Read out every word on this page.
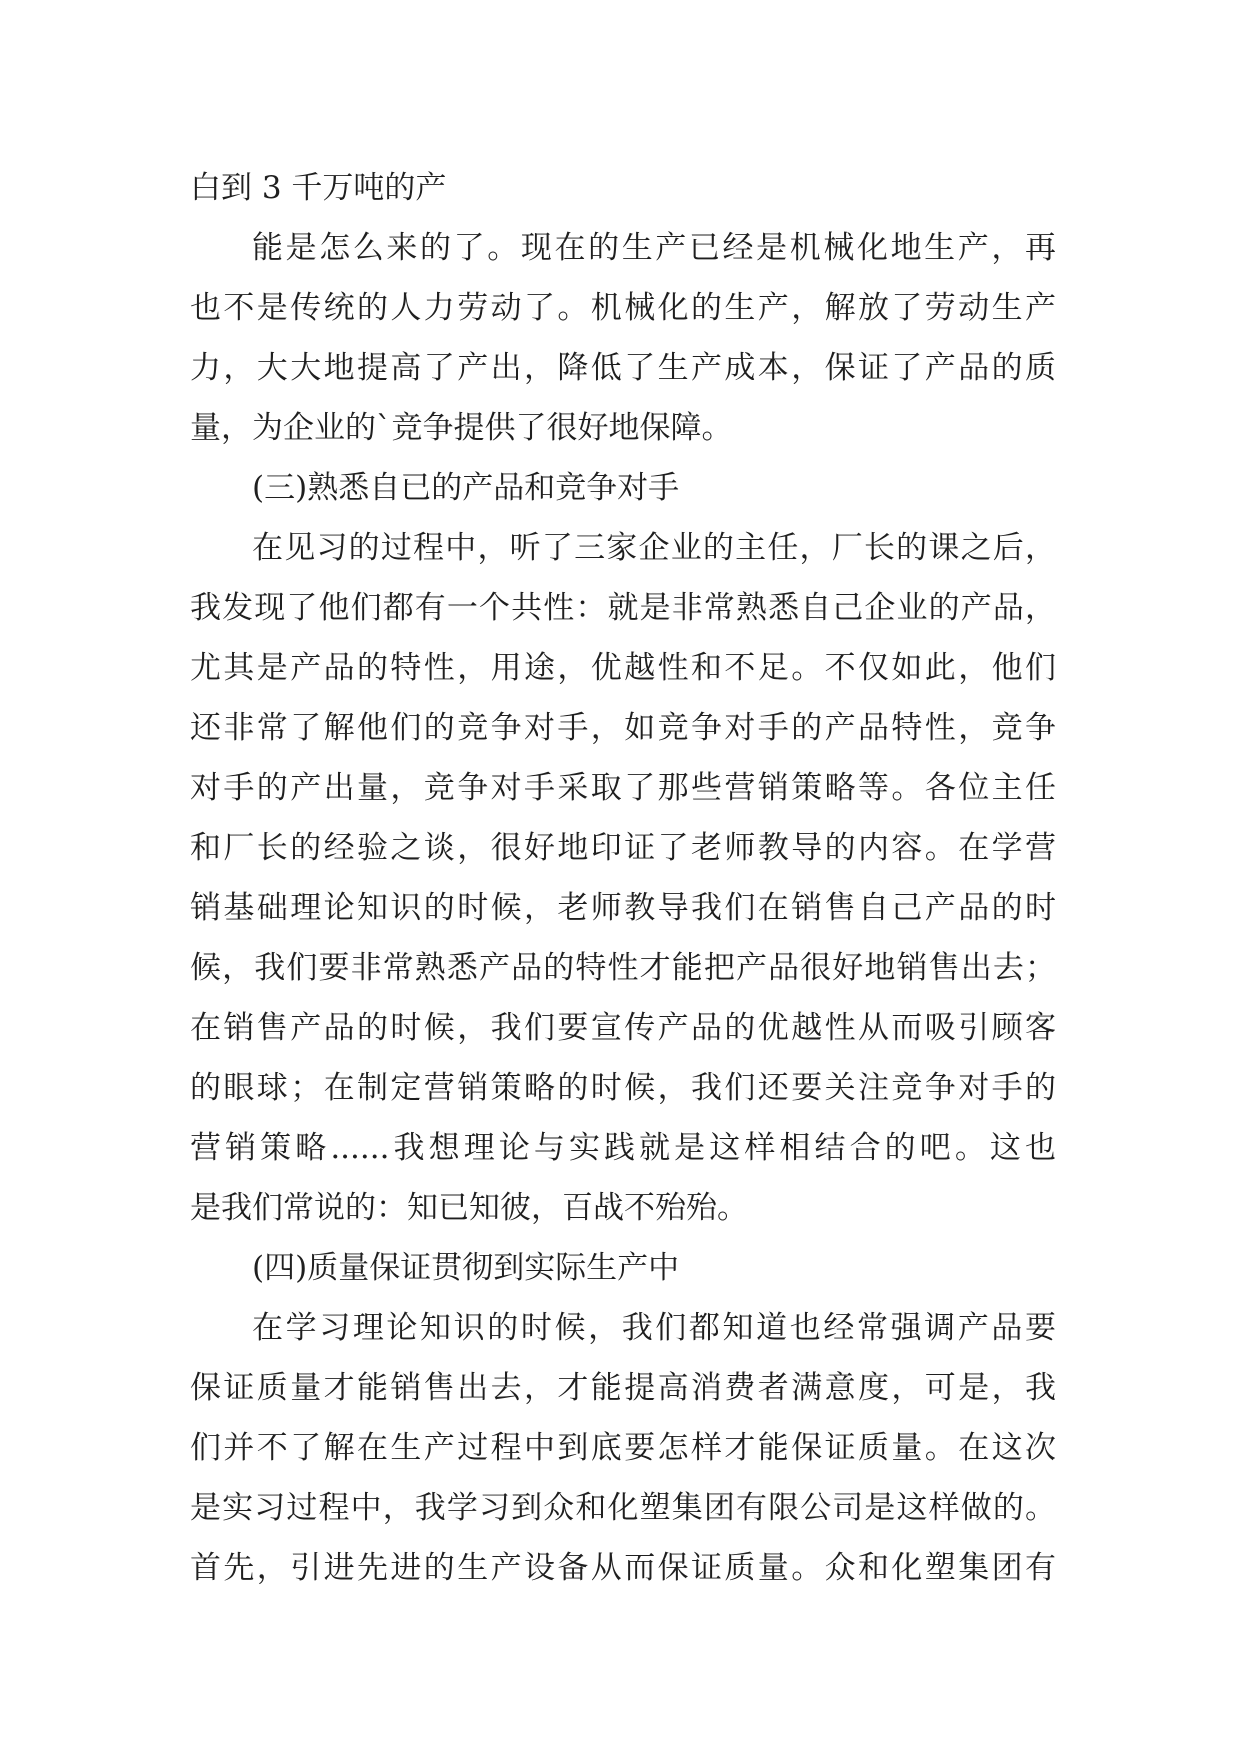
白到 3 千万吨的产
能是怎么来的了。现在的生产已经是机械化地生产，再
也不是传统的人力劳动了。机械化的生产，解放了劳动生产
力，大大地提高了产出，降低了生产成本，保证了产品的质
量，为企业的`竞争提供了很好地保障。
(三)熟悉自已的产品和竞争对手
在见习的过程中，听了三家企业的主任，厂长的课之后，
我发现了他们都有一个共性：就是非常熟悉自己企业的产品，
尤其是产品的特性，用途，优越性和不足。不仅如此，他们
还非常了解他们的竞争对手，如竞争对手的产品特性，竞争
对手的产出量，竞争对手采取了那些营销策略等。各位主任
和厂长的经验之谈，很好地印证了老师教导的内容。在学营
销基础理论知识的时候，老师教导我们在销售自己产品的时
候，我们要非常熟悉产品的特性才能把产品很好地销售出去；
在销售产品的时候，我们要宣传产品的优越性从而吸引顾客
的眼球；在制定营销策略的时候，我们还要关注竞争对手的
营销策略......我想理论与实践就是这样相结合的吧。这也
是我们常说的：知已知彼，百战不殆殆。
(四)质量保证贯彻到实际生产中
在学习理论知识的时候，我们都知道也经常强调产品要
保证质量才能销售出去，才能提高消费者满意度，可是，我
们并不了解在生产过程中到底要怎样才能保证质量。在这次
是实习过程中，我学习到众和化塑集团有限公司是这样做的。
首先，引进先进的生产设备从而保证质量。众和化塑集团有
